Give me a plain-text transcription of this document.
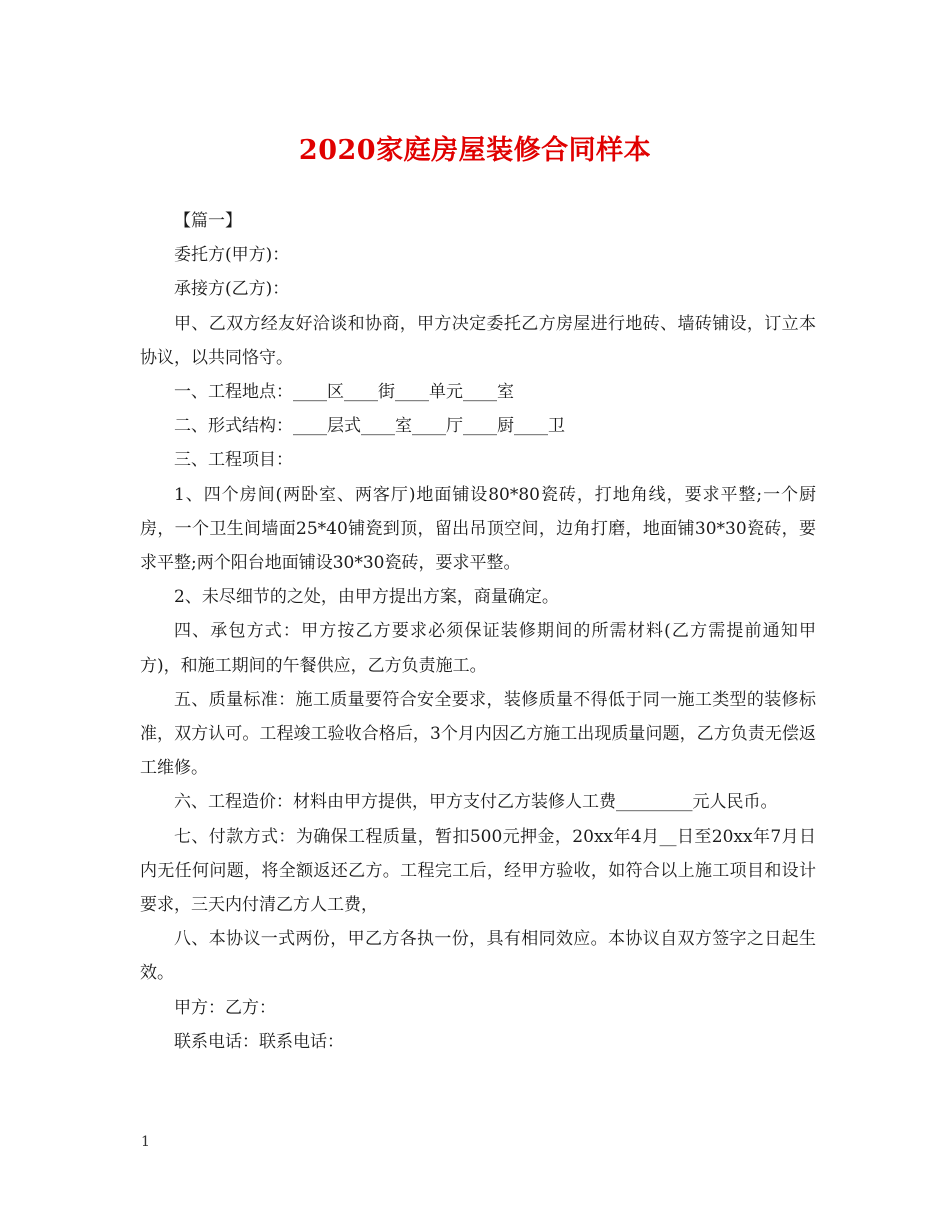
2020家庭房屋装修合同样本

【篇一】

委托方(甲方)：

承接方(乙方)：

甲、乙双方经友好洽谈和协商，甲方决定委托乙方房屋进行地砖、墙砖铺设，订立本协议，以共同恪守。

一、工程地点：____区____街____单元____室

二、形式结构：____层式____室____厅____厨____卫

三、工程项目：

1、四个房间(两卧室、两客厅)地面铺设80*80瓷砖，打地角线，要求平整;一个厨房，一个卫生间墙面25*40铺瓷到顶，留出吊顶空间，边角打磨，地面铺30*30瓷砖，要求平整;两个阳台地面铺设30*30瓷砖，要求平整。

2、未尽细节的之处，由甲方提出方案，商量确定。

四、承包方式：甲方按乙方要求必须保证装修期间的所需材料(乙方需提前通知甲方)，和施工期间的午餐供应，乙方负责施工。

五、质量标准：施工质量要符合安全要求，装修质量不得低于同一施工类型的装修标准，双方认可。工程竣工验收合格后，3个月内因乙方施工出现质量问题，乙方负责无偿返工维修。

六、工程造价：材料由甲方提供，甲方支付乙方装修人工费_________元人民币。

七、付款方式：为确保工程质量，暂扣500元押金，20xx年4月__日至20xx年7月日内无任何问题，将全额返还乙方。工程完工后，经甲方验收，如符合以上施工项目和设计要求，三天内付清乙方人工费，

八、本协议一式两份，甲乙方各执一份，具有相同效应。本协议自双方签字之日起生效。

甲方：乙方：

联系电话：联系电话：

1
